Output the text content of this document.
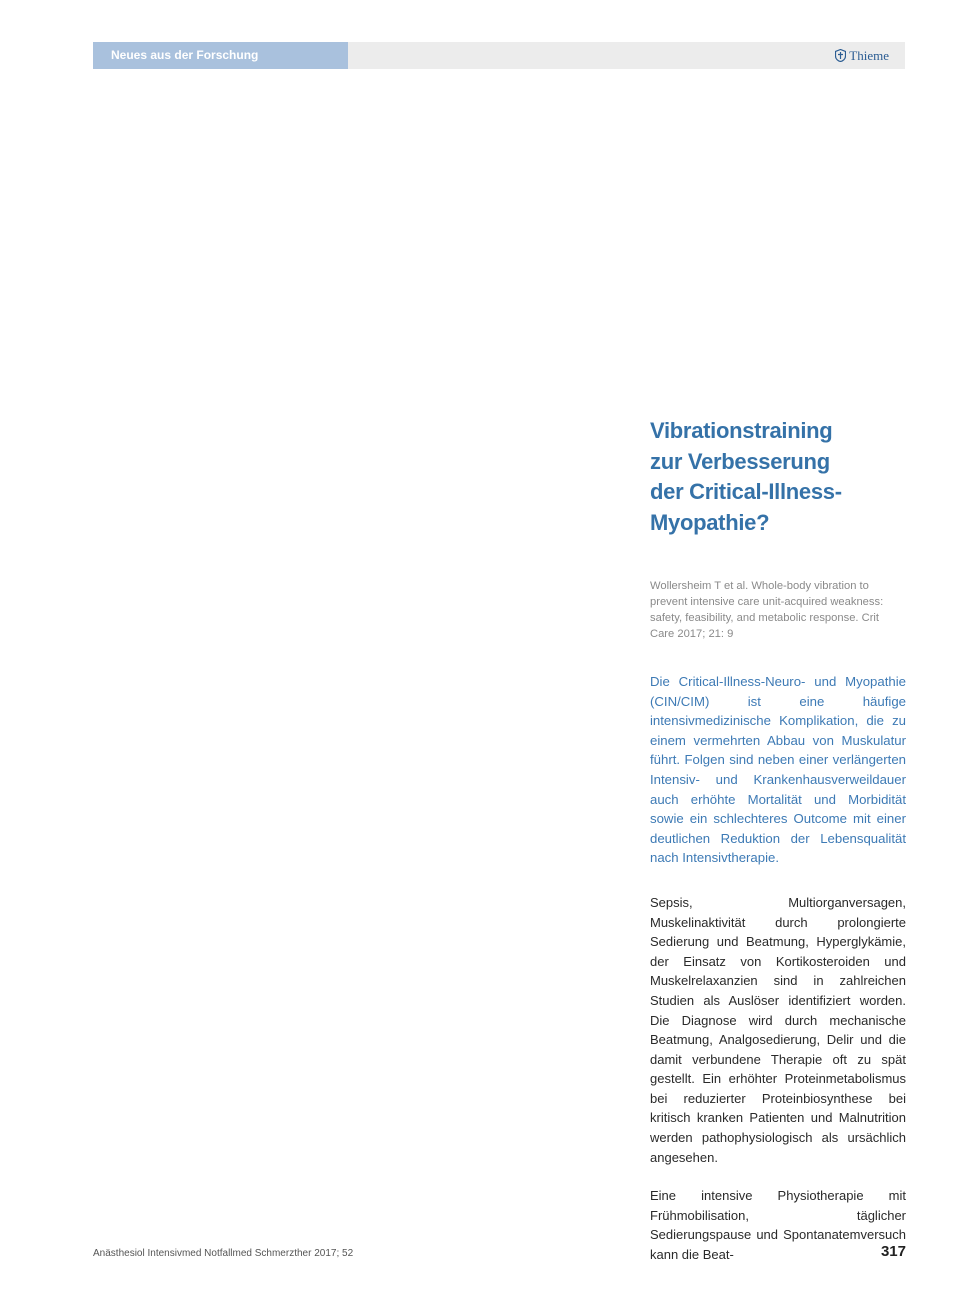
Neues aus der Forschung	Thieme
Vibrationstraining
zur Verbesserung
der Critical-Illness-
Myopathie?

Wollersheim T et al. Whole-body vibration to prevent intensive care unit-acquired weakness: safety, feasibility, and metabolic response. Crit Care 2017; 21: 9

Die Critical-Illness-Neuro- und Myopathie (CIN/CIM) ist eine häufige intensivmedizinische Komplikation, die zu einem vermehrten Abbau von Muskulatur führt. Folgen sind neben einer verlängerten Intensiv- und Krankenhausverweildauer auch erhöhte Mortalität und Morbidität sowie ein schlechteres Outcome mit einer deutlichen Reduktion der Lebensqualität nach Intensivtherapie.

Sepsis, Multiorganversagen, Muskelinaktivität durch prolongierte Sedierung und Beatmung, Hyperglykämie, der Einsatz von Kortikosteroiden und Muskelrelaxanzien sind in zahlreichen Studien als Auslöser identifiziert worden. Die Diagnose wird durch mechanische Beatmung, Analgosedierung, Delir und die damit verbundene Therapie oft zu spät gestellt. Ein erhöhter Proteinmetabolismus bei reduzierter Proteinbiosynthese bei kritisch kranken Patienten und Malnutrition werden pathophysiologisch als ursächlich angesehen.

Eine intensive Physiotherapie mit Frühmobilisation, täglicher Sedierungspause und Spontanatemversuch kann die Beat-

Anästhesiol Intensivmed Notfallmed Schmerzther 2017; 52	317
